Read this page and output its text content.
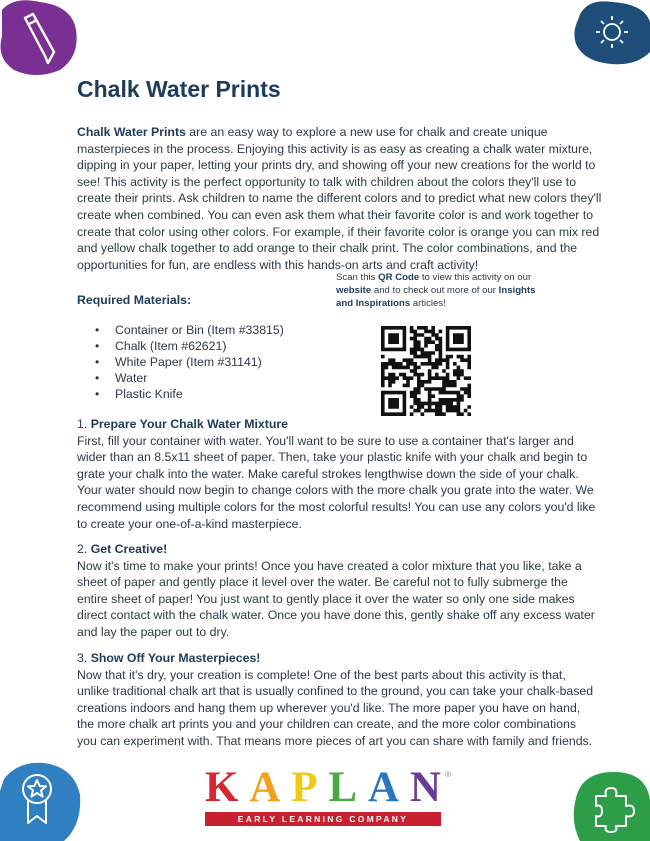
Chalk Water Prints

Chalk Water Prints are an easy way to explore a new use for chalk and create unique masterpieces in the process. Enjoying this activity is as easy as creating a chalk water mixture, dipping in your paper, letting your prints dry, and showing off your new creations for the world to see! This activity is the perfect opportunity to talk with children about the colors they'll use to create their prints. Ask children to name the different colors and to predict what new colors they'll create when combined. You can even ask them what their favorite color is and work together to create that color using other colors. For example, if their favorite color is orange you can mix red and yellow chalk together to add orange to their chalk print. The color combinations, and the opportunities for fun, are endless with this hands-on arts and craft activity!

Scan this QR Code to view this activity on our website and to check out more of our Insights and Inspirations articles!

Required Materials:
• Container or Bin (Item #33815)
• Chalk (Item #62621)
• White Paper (Item #31141)
• Water
• Plastic Knife

1. Prepare Your Chalk Water Mixture
First, fill your container with water. You'll want to be sure to use a container that's larger and wider than an 8.5x11 sheet of paper. Then, take your plastic knife with your chalk and begin to grate your chalk into the water. Make careful strokes lengthwise down the side of your chalk. Your water should now begin to change colors with the more chalk you grate into the water. We recommend using multiple colors for the most colorful results! You can use any colors you'd like to create your one-of-a-kind masterpiece.

2. Get Creative!
Now it's time to make your prints! Once you have created a color mixture that you like, take a sheet of paper and gently place it level over the water. Be careful not to fully submerge the entire sheet of paper! You just want to gently place it over the water so only one side makes direct contact with the chalk water. Once you have done this, gently shake off any excess water and lay the paper out to dry.

3. Show Off Your Masterpieces!
Now that it's dry, your creation is complete! One of the best parts about this activity is that, unlike traditional chalk art that is usually confined to the ground, you can take your chalk-based creations indoors and hang them up wherever you'd like. The more paper you have on hand, the more chalk art prints you and your children can create, and the more color combinations you can experiment with. That means more pieces of art you can share with family and friends.

K A P L A N ®
EARLY LEARNING COMPANY
